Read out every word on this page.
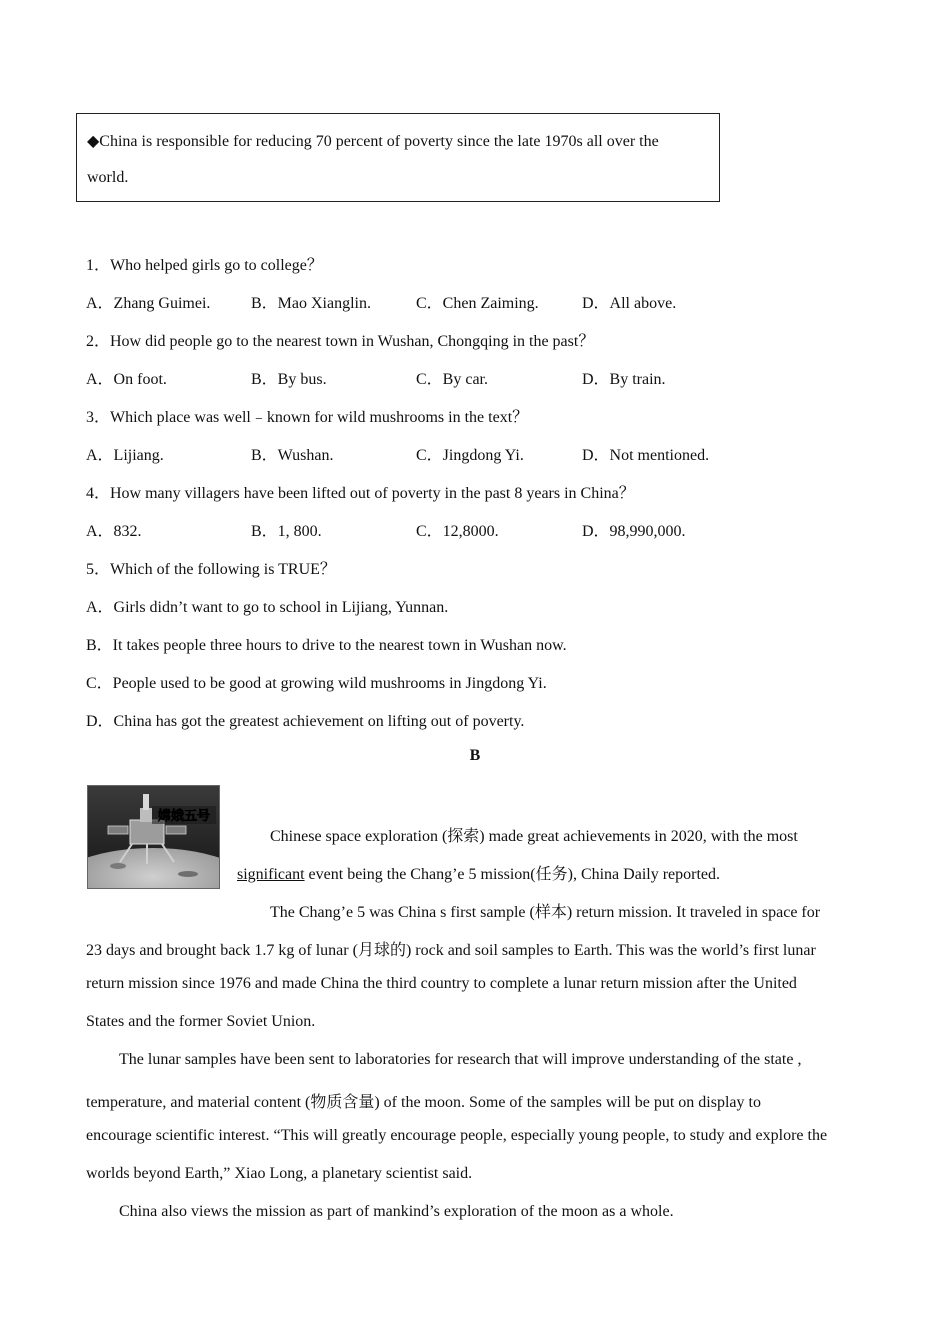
◆China is responsible for reducing 70 percent of poverty since the late 1970s all over the
world.
1．Who helped girls go to college？
A．Zhang Guimei.	B．Mao Xianglin.	C．Chen Zaiming.	D．All above.
2．How did people go to the nearest town in Wushan, Chongqing in the past？
A．On foot.	B．By bus.	C．By car.	D．By train.
3．Which place was well﹣known for wild mushrooms in the text？
A．Lijiang.	B．Wushan.	C．Jingdong Yi.	D．Not mentioned.
4．How many villagers have been lifted out of poverty in the past 8 years in China？
A．832.	B．1, 800.	C．12,8000.	D．98,990,000.
5．Which of the following is TRUE？
A．Girls didn’t want to go to school in Lijiang, Yunnan.
B．It takes people three hours to drive to the nearest town in Wushan now.
C．People used to be good at growing wild mushrooms in Jingdong Yi.
D．China has got the greatest achievement on lifting out of poverty.
B
嫦娥五号
Chinese space exploration (探索) made great achievements in 2020, with the most
significant event being the Chang’e 5 mission(任务), China Daily reported.
The Chang’e 5 was China s first sample (样本) return mission. It traveled in space for
23 days and brought back 1.7 kg of lunar (月球的) rock and soil samples to Earth. This was the world’s first lunar
return mission since 1976 and made China the third country to complete a lunar return mission after the United
States and the former Soviet Union.
The lunar samples have been sent to laboratories for research that will improve understanding of the state ,
temperature, and material content (物质含量) of the moon. Some of the samples will be put on display to
encourage scientific interest. “This will greatly encourage people, especially young people, to study and explore the
worlds beyond Earth,” Xiao Long, a planetary scientist said.
China also views the mission as part of mankind’s exploration of the moon as a whole.
